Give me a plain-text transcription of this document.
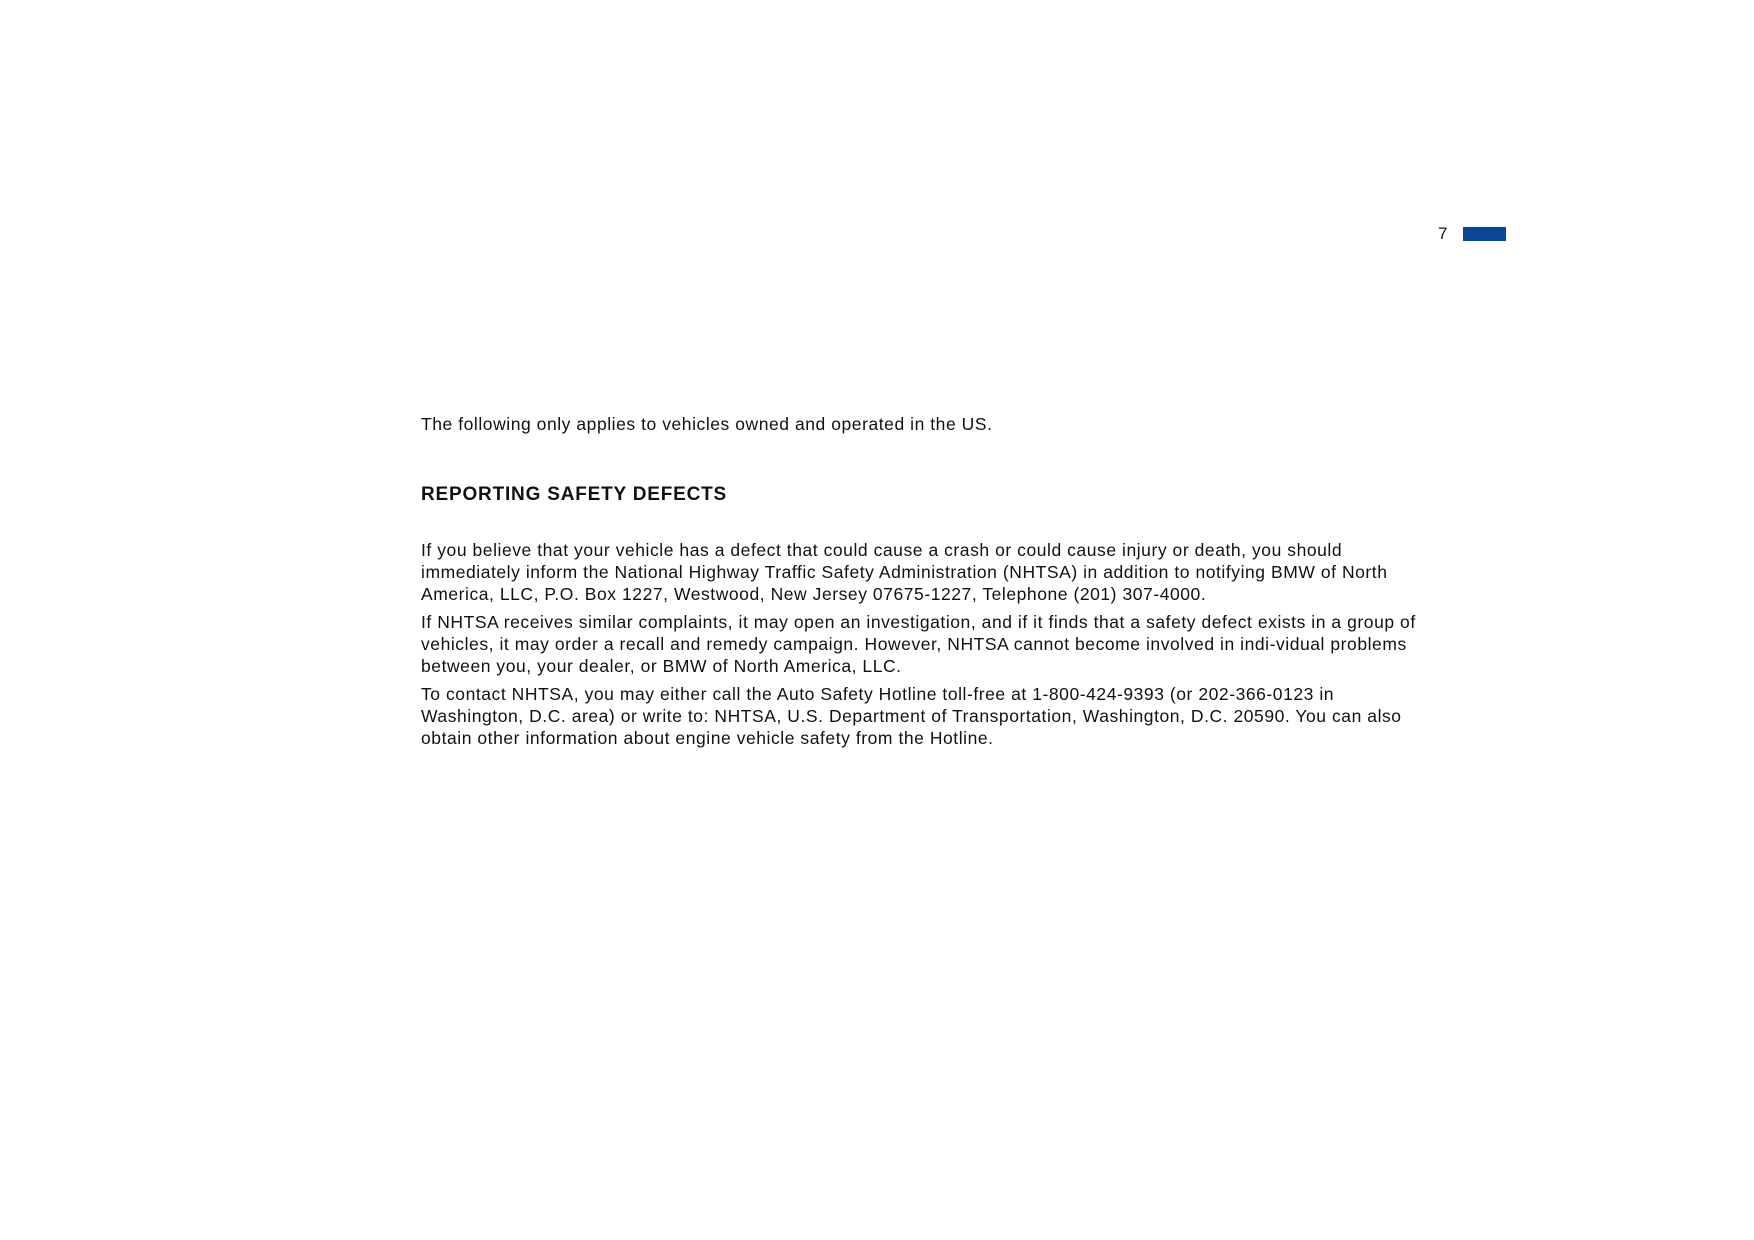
7

The following only applies to vehicles owned and operated in the US.

REPORTING SAFETY DEFECTS

If you believe that your vehicle has a defect that could cause a crash or could cause injury or death, you should immediately inform the National Highway Traffic Safety Administration (NHTSA) in addition to notifying BMW of North America, LLC, P.O. Box 1227, Westwood, New Jersey 07675-1227, Telephone (201) 307-4000.

If NHTSA receives similar complaints, it may open an investigation, and if it finds that a safety defect exists in a group of vehicles, it may order a recall and remedy campaign. However, NHTSA cannot become involved in indi-vidual problems between you, your dealer, or BMW of North America, LLC.

To contact NHTSA, you may either call the Auto Safety Hotline toll-free at 1-800-424-9393 (or 202-366-0123 in Washington, D.C. area) or write to: NHTSA, U.S. Department of Transportation, Washington, D.C. 20590. You can also obtain other information about engine vehicle safety from the Hotline.
